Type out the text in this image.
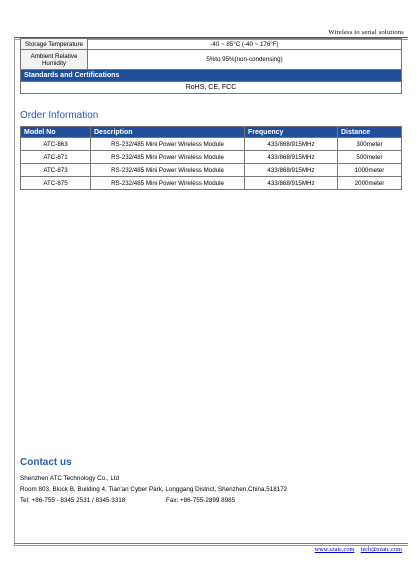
Wireless to serial solutions
Storage Temperature	-40 ~ 85°C (-40 ~ 176°F)
Ambient Relative Humidity	5%to 95%(non-condensing)
Standards and Certifications	
RoHS, CE, FCC	
Order Information
Model No	Description	Frequency	Distance
ATC-863	RS-232/485 Mini Power Wireless Module	433/868/915MHz	300meter
ATC-871	RS-232/485 Mini Power Wireless Module	433/868/915MHz	500meter
ATC-873	RS-232/485 Mini Power Wireless Module	433/868/915MHz	1000meter
ATC-875	RS-232/485 Mini Power Wireless Module	433/868/915MHz	2000meter
Contact us
Shenzhen ATC Technology Co., Ltd
Room 803, Block B, Building 4, Tian'an Cyber Park, Longgang District, Shenzhen,China,518172
Tel: +86-755 - 8345 2531 / 8345 3318	Fax: +86-755-2899 8985
www.szatc.com tech@szatc.com
